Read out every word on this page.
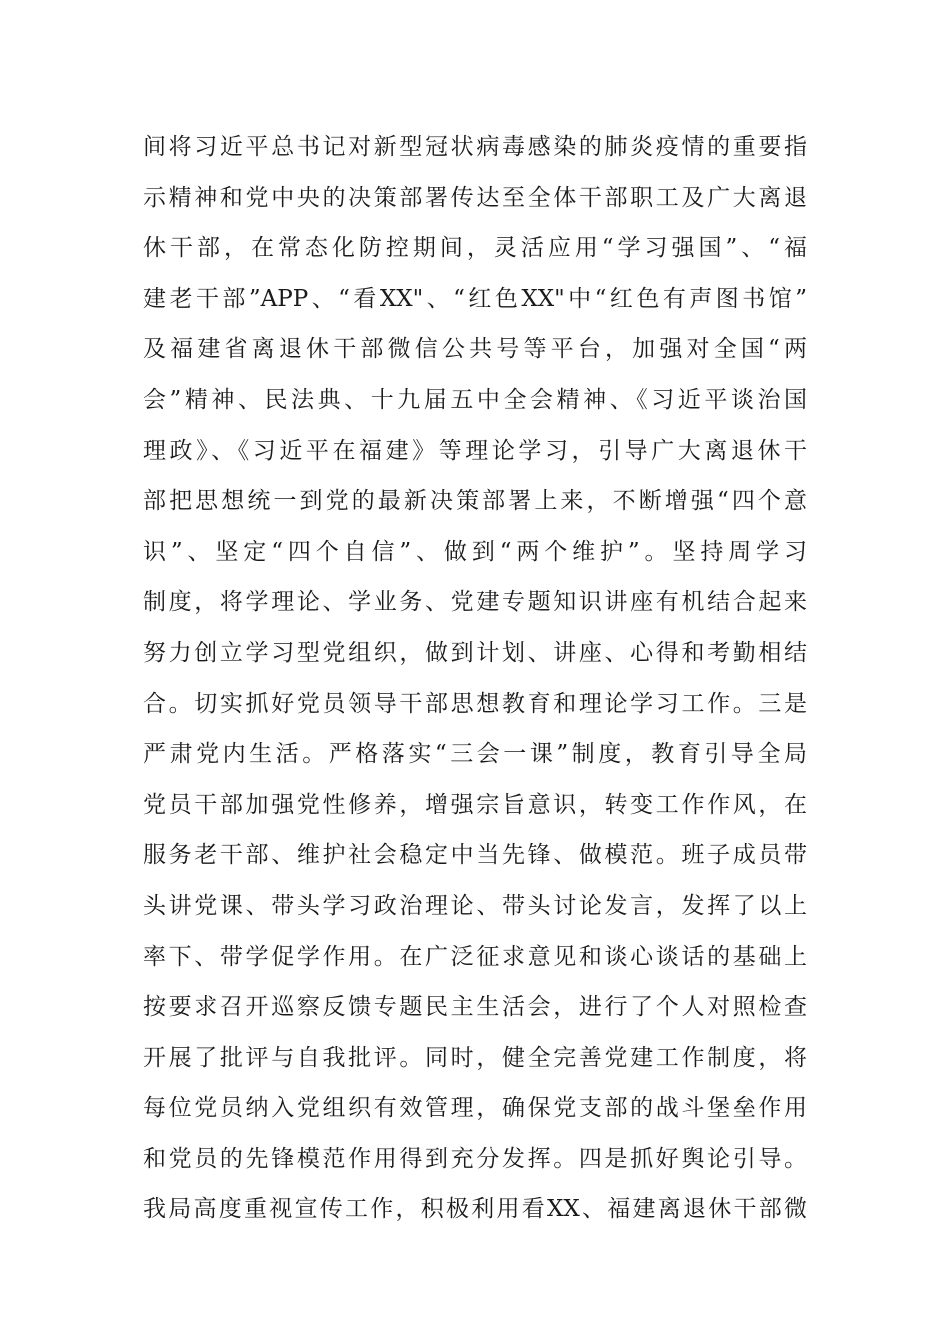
间将习近平总书记对新型冠状病毒感染的肺炎疫情的重要指
示精神和党中央的决策部署传达至全体干部职工及广大离退
休干部，在常态化防控期间，灵活应用“学习强国”、“福
建老干部”APP、“看XX"、“红色XX"中“红色有声图书馆”
及福建省离退休干部微信公共号等平台，加强对全国“两
会”精神、民法典、十九届五中全会精神、《习近平谈治国
理政》、《习近平在福建》等理论学习，引导广大离退休干
部把思想统一到党的最新决策部署上来，不断增强“四个意
识”、坚定“四个自信”、做到“两个维护”。坚持周学习
制度，将学理论、学业务、党建专题知识讲座有机结合起来
努力创立学习型党组织，做到计划、讲座、心得和考勤相结
合。切实抓好党员领导干部思想教育和理论学习工作。三是
严肃党内生活。严格落实“三会一课”制度，教育引导全局
党员干部加强党性修养，增强宗旨意识，转变工作作风，在
服务老干部、维护社会稳定中当先锋、做模范。班子成员带
头讲党课、带头学习政治理论、带头讨论发言，发挥了以上
率下、带学促学作用。在广泛征求意见和谈心谈话的基础上
按要求召开巡察反馈专题民主生活会，进行了个人对照检查
开展了批评与自我批评。同时，健全完善党建工作制度，将
每位党员纳入党组织有效管理，确保党支部的战斗堡垒作用
和党员的先锋模范作用得到充分发挥。四是抓好舆论引导。
我局高度重视宣传工作，积极利用看XX、福建离退休干部微
